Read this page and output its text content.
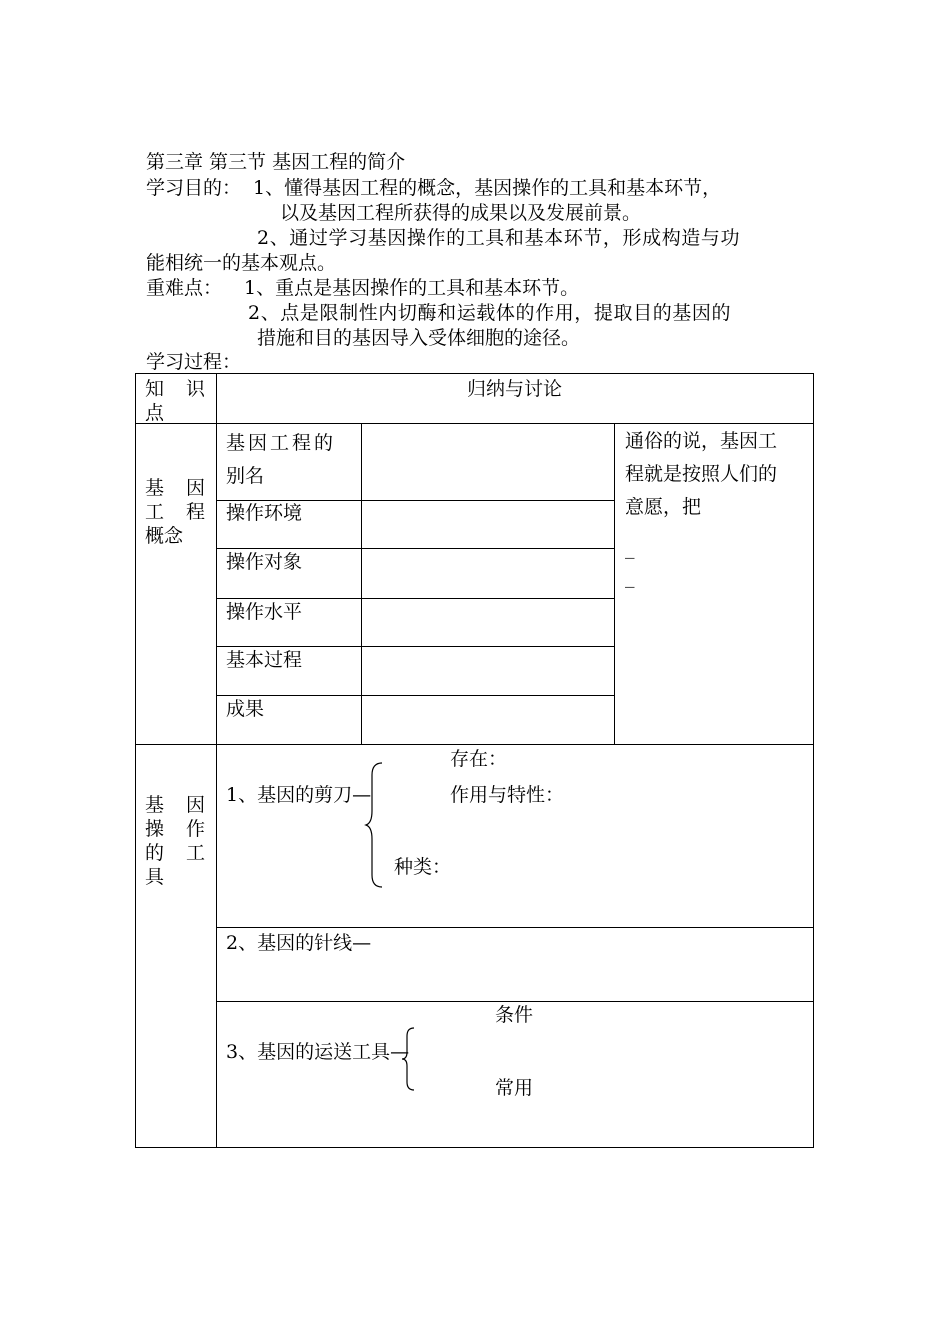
第三章 第三节 基因工程的简介
学习目的： 1、懂得基因工程的概念，基因操作的工具和基本环节，
以及基因工程所获得的成果以及发展前景。
2、通过学习基因操作的工具和基本环节，形成构造与功
能相统一的基本观点。
重难点： 1、重点是基因操作的工具和基本环节。
2、点是限制性内切酶和运载体的作用，提取目的基因的
措施和目的基因导入受体细胞的途径。
学习过程：
知 识
点
归纳与讨论
基 因
工 程
概念
基因工程的
别名
操作环境
操作对象
操作水平
基本过程
成果
通俗的说，基因工
程就是按照人们的
意愿，把
_
_
基 因
操 作
的 工
具
存在：
1、基因的剪刀—	作用与特性：
种类：
2、基因的针线—
条件
3、基因的运送工具—
常用
